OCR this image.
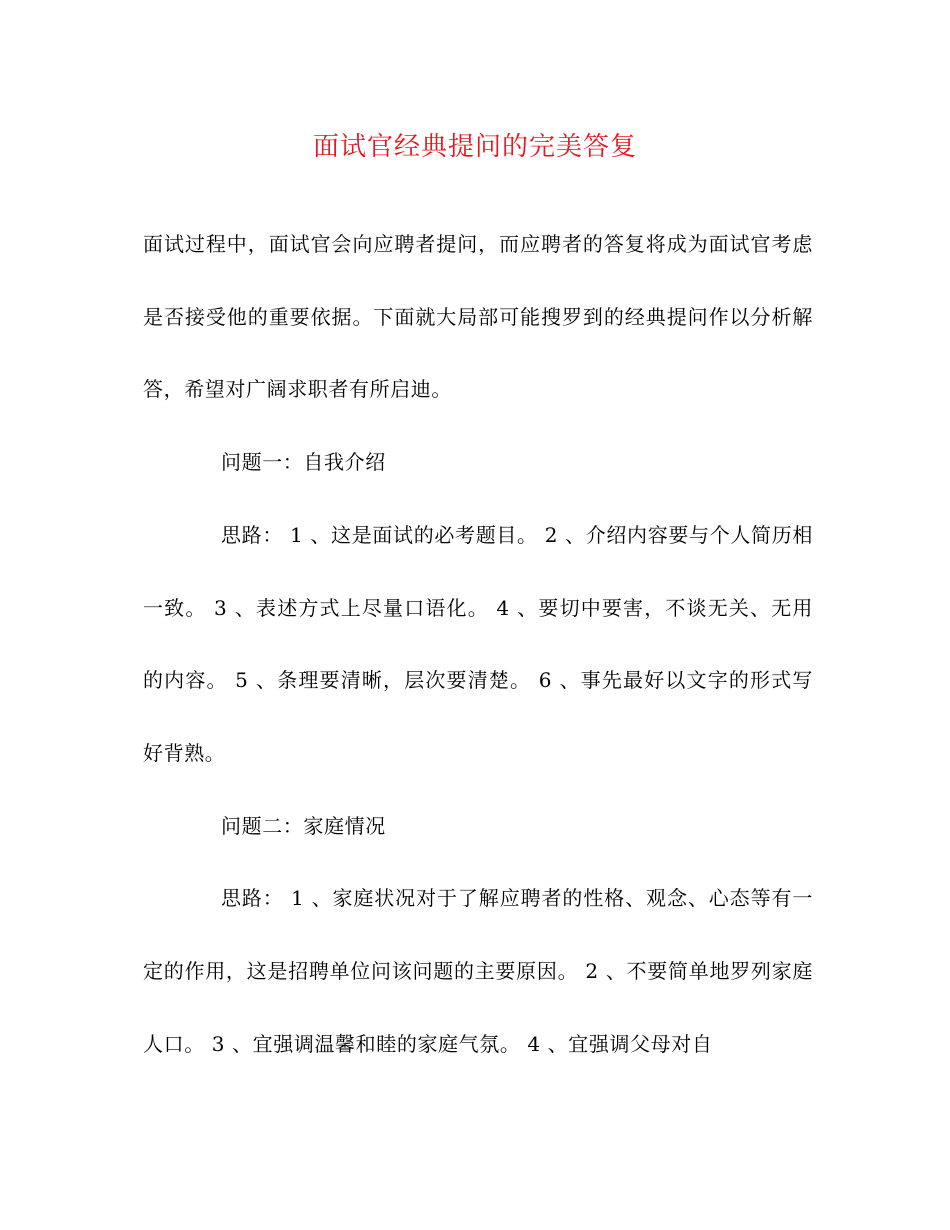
面试官经典提问的完美答复

面试过程中，面试官会向应聘者提问，而应聘者的答复将成为面试官考虑是否接受他的重要依据。下面就大局部可能搜罗到的经典提问作以分析解答，希望对广阔求职者有所启迪。

问题一：自我介绍

思路： 1 、这是面试的必考题目。 2 、介绍内容要与个人简历相一致。 3 、表述方式上尽量口语化。 4 、要切中要害，不谈无关、无用的内容。 5 、条理要清晰，层次要清楚。 6 、事先最好以文字的形式写好背熟。

问题二：家庭情况

思路： 1 、家庭状况对于了解应聘者的性格、观念、心态等有一定的作用，这是招聘单位问该问题的主要原因。 2 、不要简单地罗列家庭人口。 3 、宜强调温馨和睦的家庭气氛。 4 、宜强调父母对自
